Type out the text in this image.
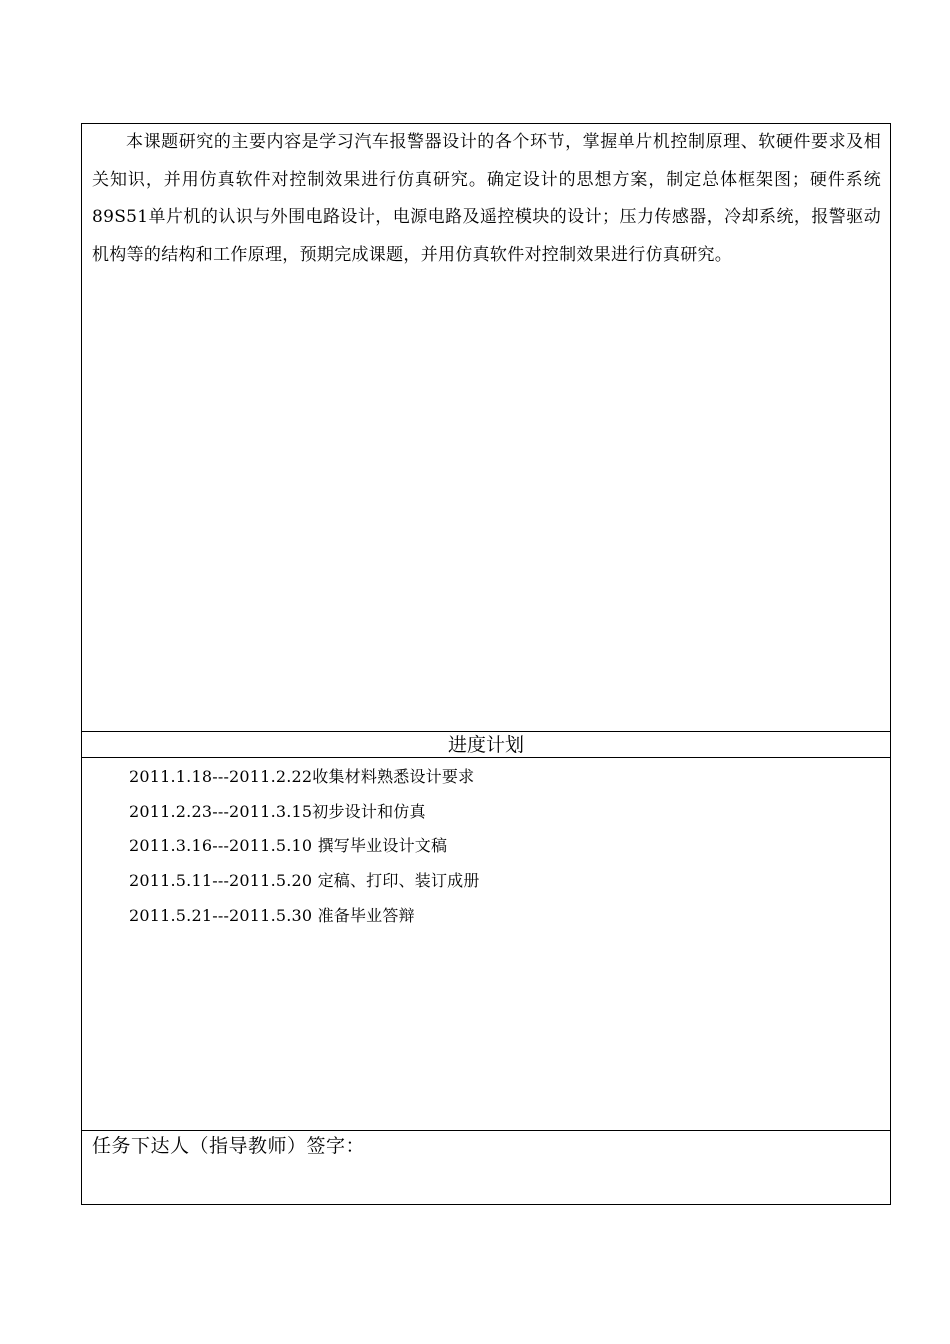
本课题研究的主要内容是学习汽车报警器设计的各个环节，掌握单片机控制原理、软硬件要求及相关知识，并用仿真软件对控制效果进行仿真研究。确定设计的思想方案，制定总体框架图；硬件系统89S51单片机的认识与外围电路设计，电源电路及遥控模块的设计；压力传感器，冷却系统，报警驱动机构等的结构和工作原理，预期完成课题，并用仿真软件对控制效果进行仿真研究。

进度计划
2011.1.18---2011.2.22收集材料熟悉设计要求
2011.2.23---2011.3.15初步设计和仿真
2011.3.16---2011.5.10 撰写毕业设计文稿
2011.5.11---2011.5.20 定稿、打印、装订成册
2011.5.21---2011.5.30 准备毕业答辩
任务下达人（指导教师）签字：
